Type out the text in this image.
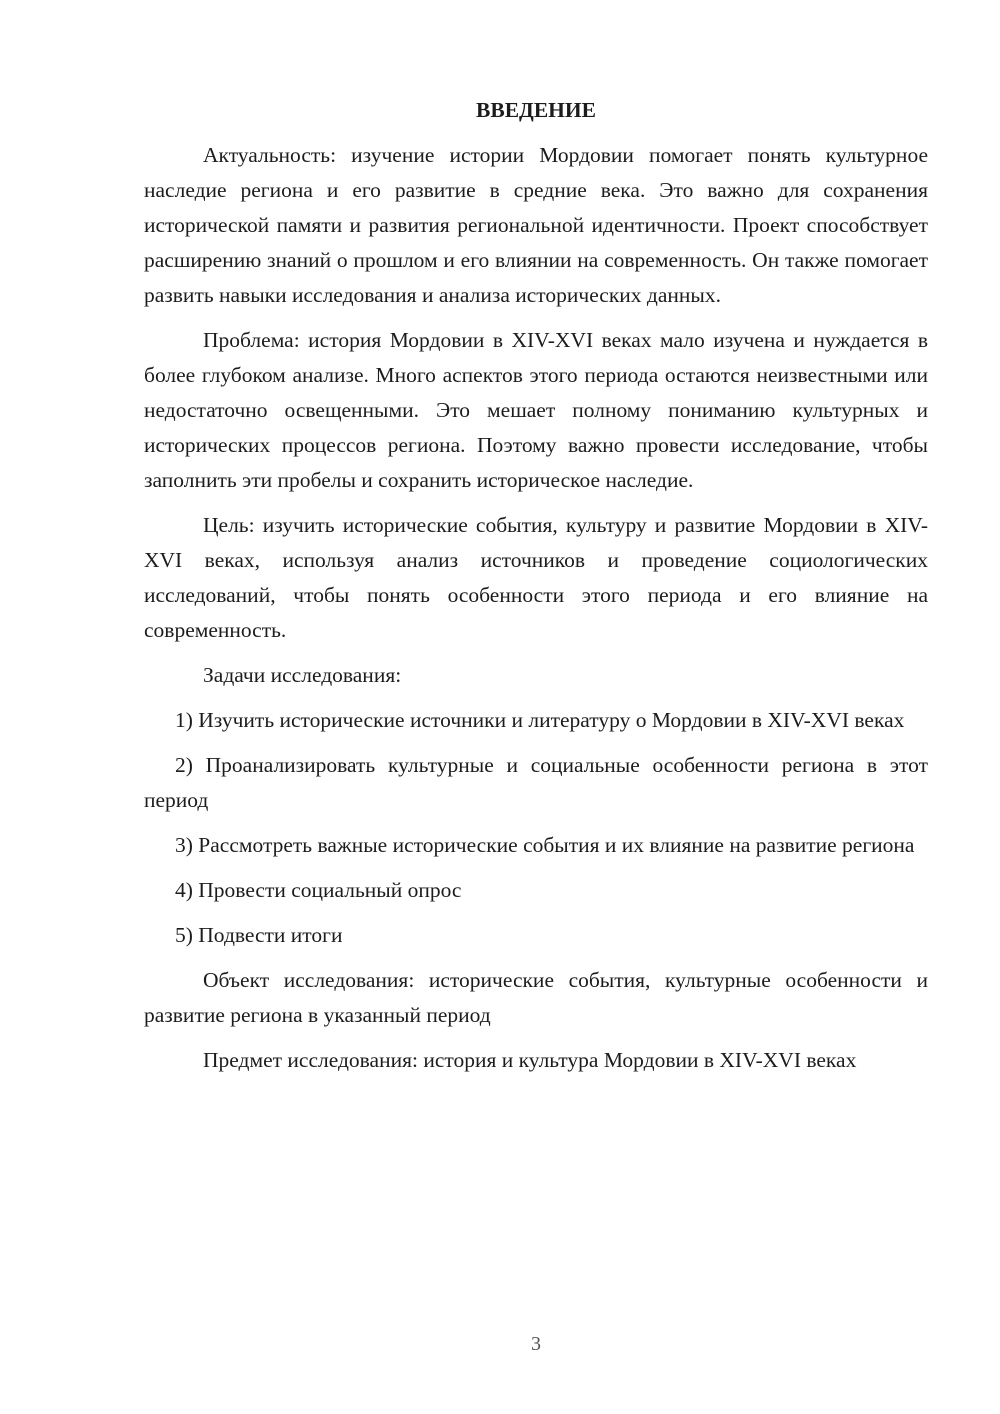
ВВЕДЕНИЕ

Актуальность: изучение истории Мордовии помогает понять культурное наследие региона и его развитие в средние века. Это важно для сохранения исторической памяти и развития региональной идентичности. Проект способствует расширению знаний о прошлом и его влиянии на современность. Он также помогает развить навыки исследования и анализа исторических данных.

Проблема: история Мордовии в XIV-XVI веках мало изучена и нуждается в более глубоком анализе. Много аспектов этого периода остаются неизвестными или недостаточно освещенными. Это мешает полному пониманию культурных и исторических процессов региона. Поэтому важно провести исследование, чтобы заполнить эти пробелы и сохранить историческое наследие.

Цель: изучить исторические события, культуру и развитие Мордовии в XIV-XVI веках, используя анализ источников и проведение социологических исследований, чтобы понять особенности этого периода и его влияние на современность.

Задачи исследования:

1) Изучить исторические источники и литературу о Мордовии в XIV-XVI веках

2) Проанализировать культурные и социальные особенности региона в этот период

3) Рассмотреть важные исторические события и их влияние на развитие региона

4) Провести социальный опрос

5) Подвести итоги

Объект исследования: исторические события, культурные особенности и развитие региона в указанный период

Предмет исследования: история и культура Мордовии в XIV-XVI веках

3
